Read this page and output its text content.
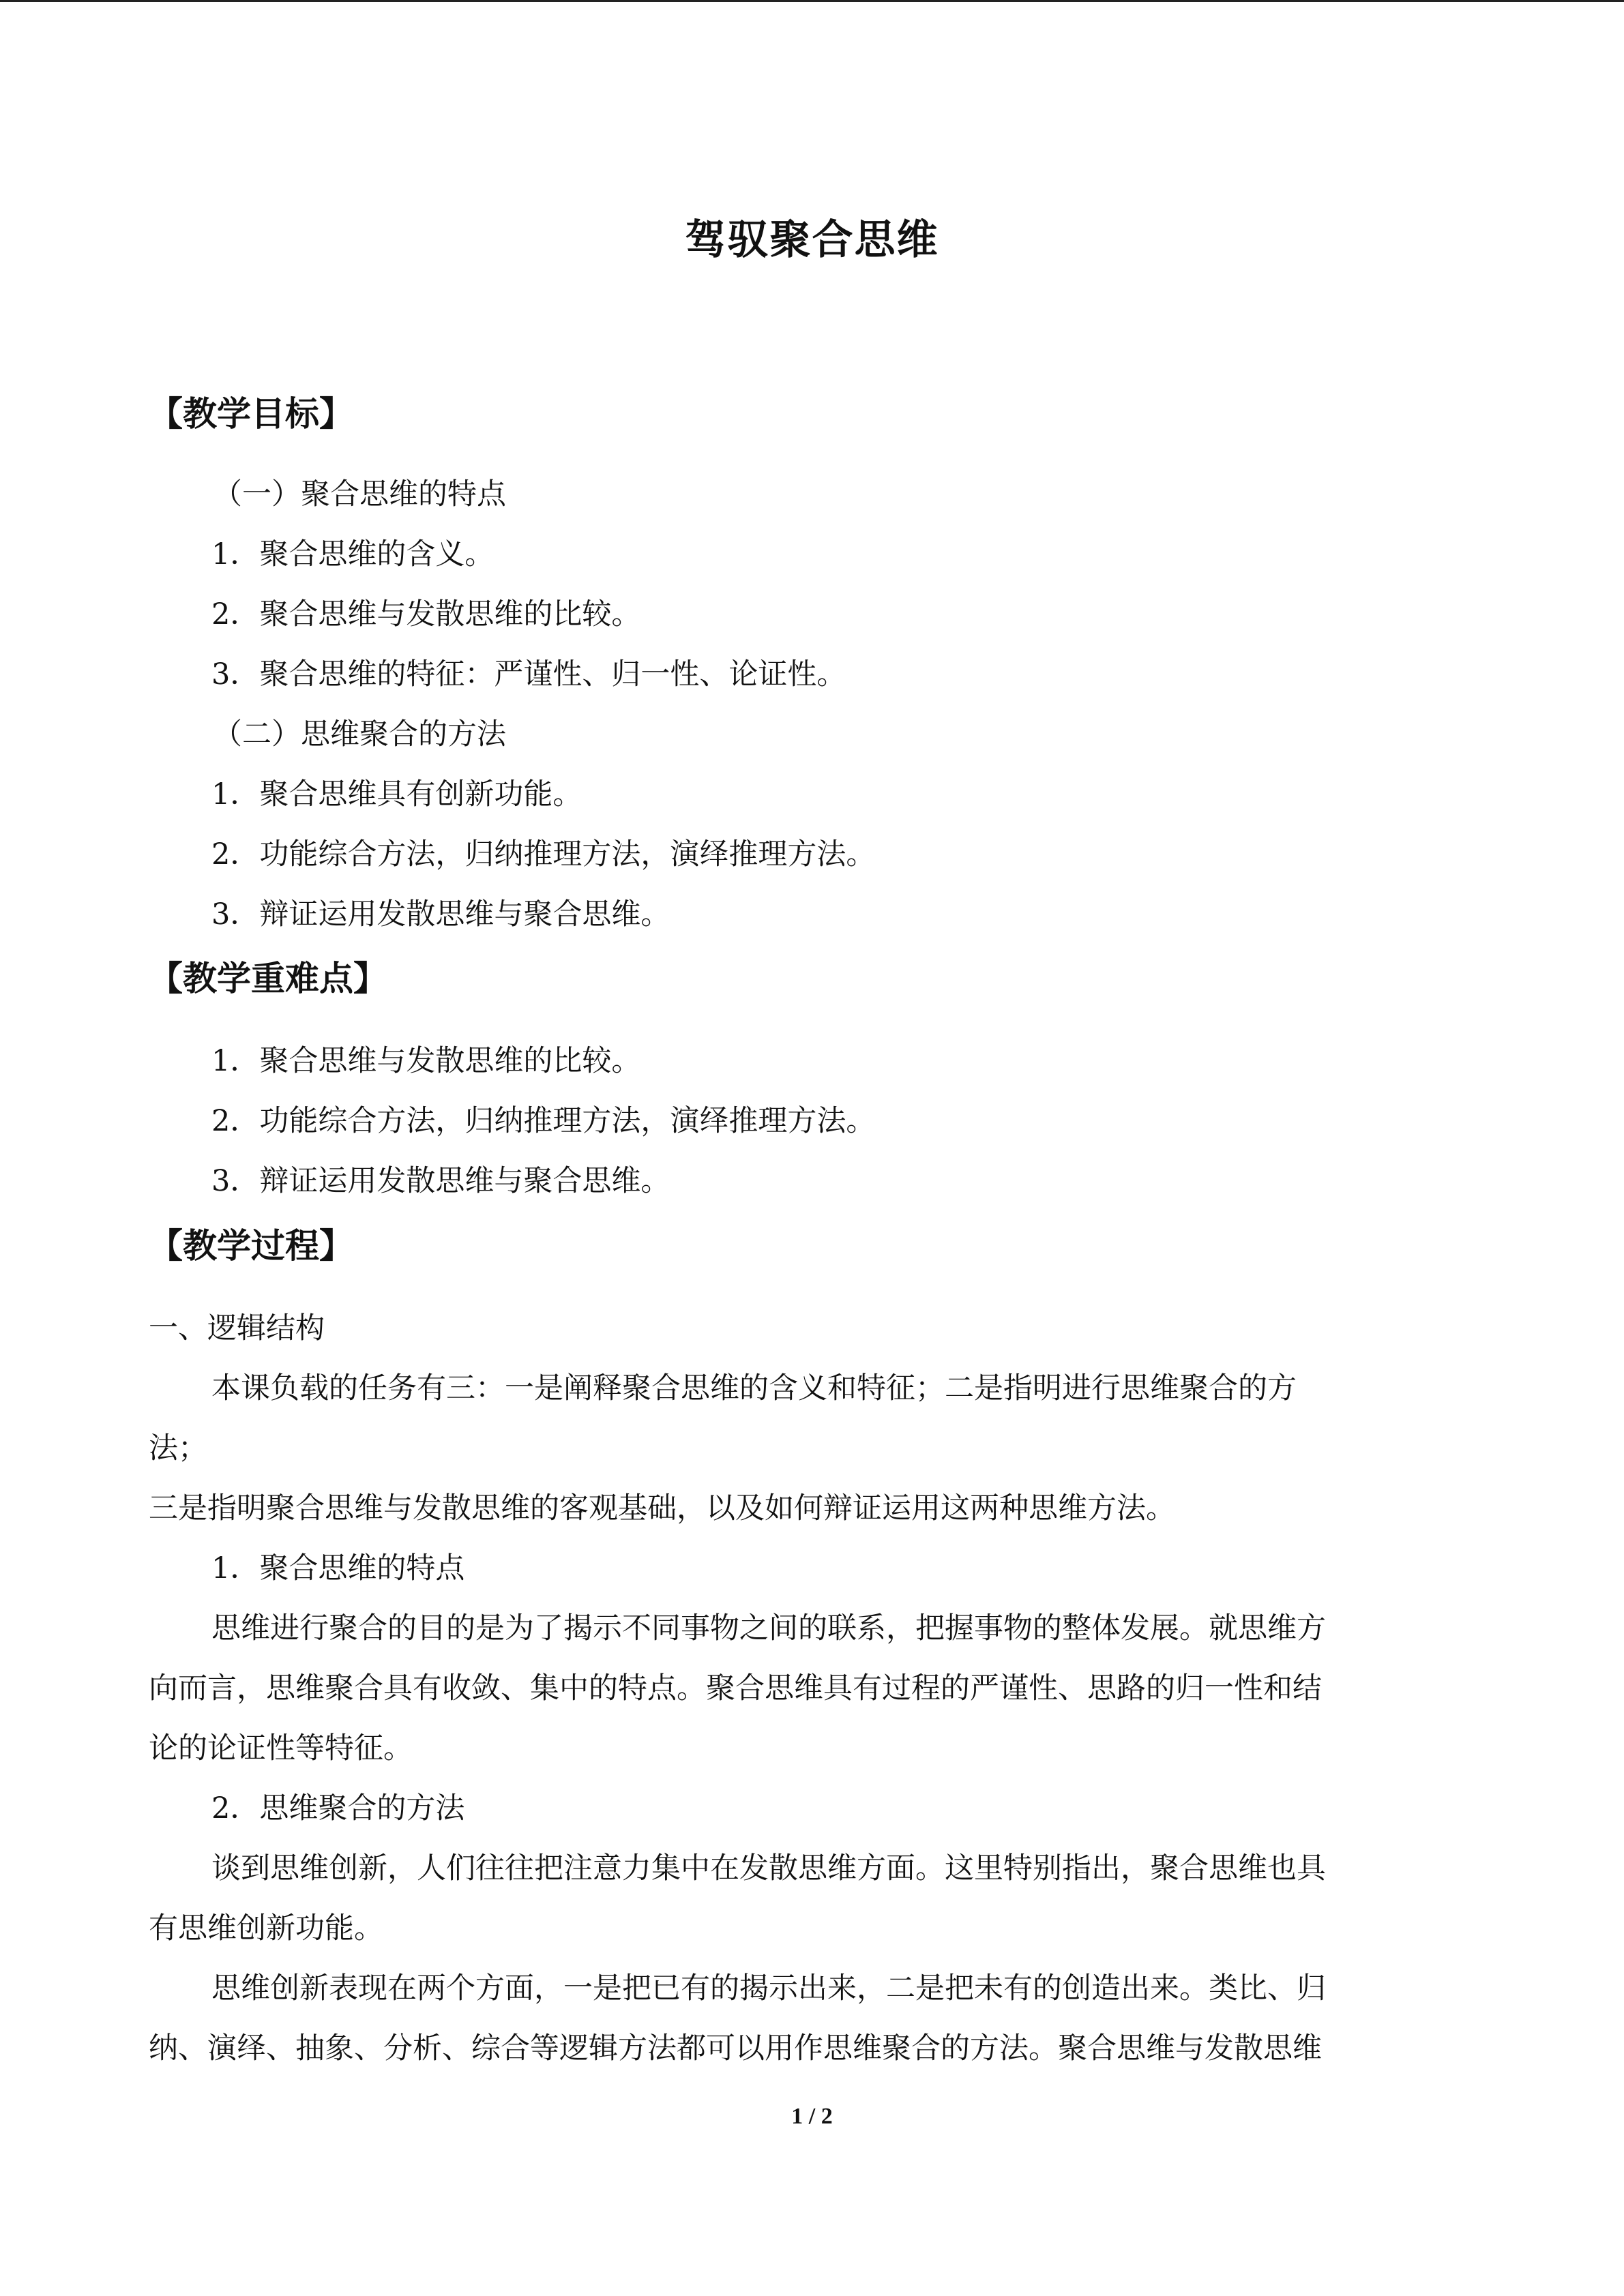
驾驭聚合思维
【教学目标】
（一）聚合思维的特点
1．聚合思维的含义。
2．聚合思维与发散思维的比较。
3．聚合思维的特征：严谨性、归一性、论证性。
（二）思维聚合的方法
1．聚合思维具有创新功能。
2．功能综合方法，归纳推理方法，演绎推理方法。
3．辩证运用发散思维与聚合思维。
【教学重难点】
1．聚合思维与发散思维的比较。
2．功能综合方法，归纳推理方法，演绎推理方法。
3．辩证运用发散思维与聚合思维。
【教学过程】
一、逻辑结构
本课负载的任务有三：一是阐释聚合思维的含义和特征；二是指明进行思维聚合的方
法；
三是指明聚合思维与发散思维的客观基础，以及如何辩证运用这两种思维方法。
1．聚合思维的特点
思维进行聚合的目的是为了揭示不同事物之间的联系，把握事物的整体发展。就思维方
向而言，思维聚合具有收敛、集中的特点。聚合思维具有过程的严谨性、思路的归一性和结
论的论证性等特征。
2．思维聚合的方法
谈到思维创新，人们往往把注意力集中在发散思维方面。这里特别指出，聚合思维也具
有思维创新功能。
思维创新表现在两个方面，一是把已有的揭示出来，二是把未有的创造出来。类比、归
纳、演绎、抽象、分析、综合等逻辑方法都可以用作思维聚合的方法。聚合思维与发散思维
1 / 2
